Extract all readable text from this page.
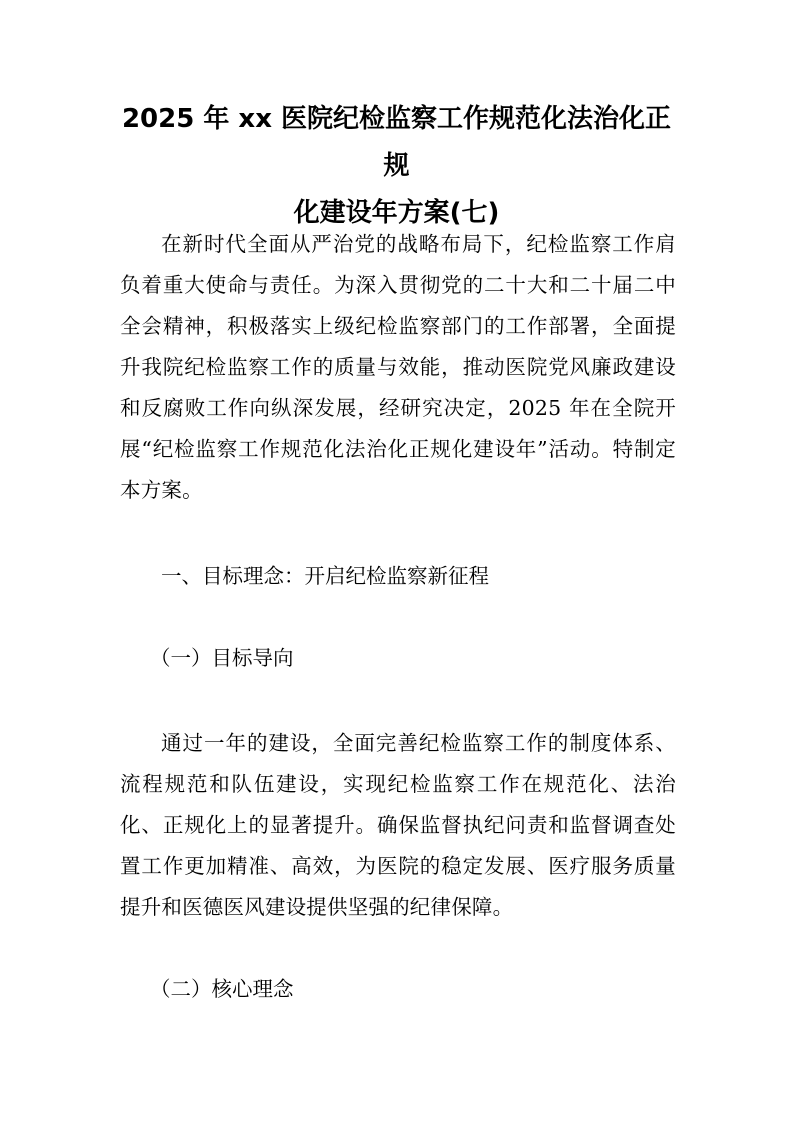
2025 年 xx 医院纪检监察工作规范化法治化正规
化建设年方案(七)

在新时代全面从严治党的战略布局下，纪检监察工作肩负着重大使命与责任。为深入贯彻党的二十大和二十届二中全会精神，积极落实上级纪检监察部门的工作部署，全面提升我院纪检监察工作的质量与效能，推动医院党风廉政建设和反腐败工作向纵深发展，经研究决定，2025 年在全院开展“纪检监察工作规范化法治化正规化建设年”活动。特制定本方案。

一、目标理念：开启纪检监察新征程

（一）目标导向

通过一年的建设，全面完善纪检监察工作的制度体系、流程规范和队伍建设，实现纪检监察工作在规范化、法治化、正规化上的显著提升。确保监督执纪问责和监督调查处置工作更加精准、高效，为医院的稳定发展、医疗服务质量提升和医德医风建设提供坚强的纪律保障。

（二）核心理念
